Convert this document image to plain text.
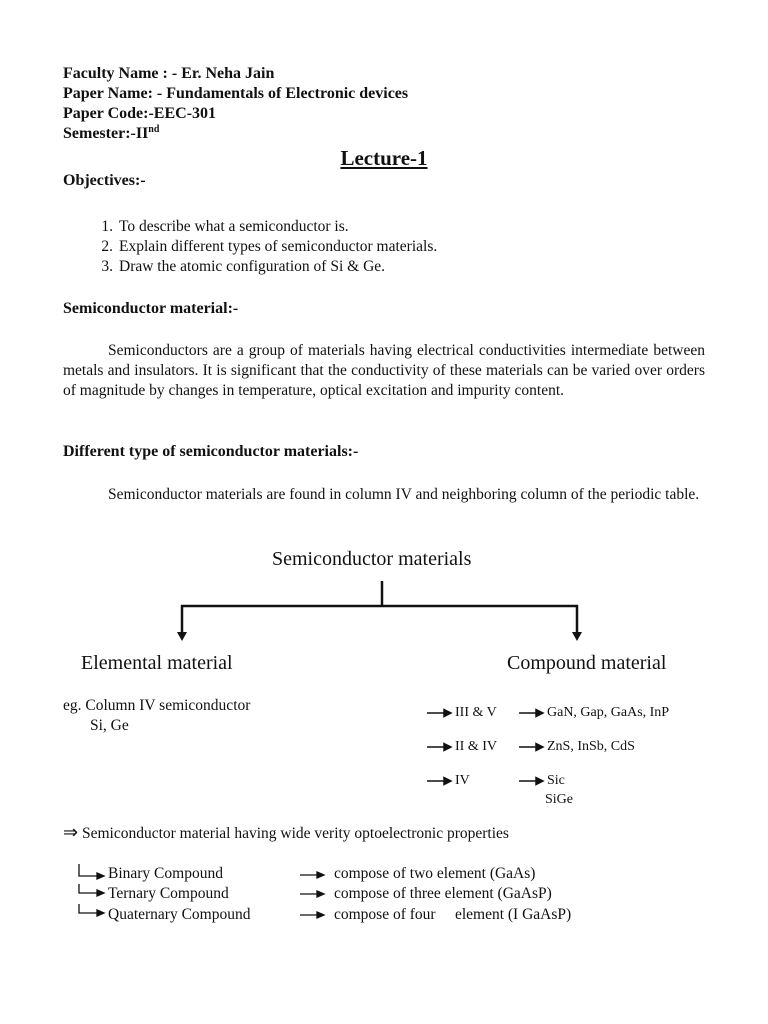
Faculty Name : - Er. Neha Jain
Paper Name: - Fundamentals of Electronic devices
Paper Code:-EEC-301
Semester:-IInd
Lecture-1
Objectives:-
1. To describe what a semiconductor is.
2. Explain different types of semiconductor materials.
3. Draw the atomic configuration of Si & Ge.
Semiconductor material:-
Semiconductors are a group of materials having electrical conductivities intermediate between metals and insulators. It is significant that the conductivity of these materials can be varied over orders of magnitude by changes in temperature, optical excitation and impurity content.
Different type of semiconductor materials:-
Semiconductor materials are found in column IV and neighboring column of the periodic table.
Semiconductor materials
Elemental material	Compound material
eg. Column IV semiconductor
Si, Ge
III & V	GaN, Gap, GaAs, InP
II & IV	ZnS, InSb, CdS
IV	Sic
SiGe
⇒ Semiconductor material having wide verity optoelectronic properties
Binary Compound	compose of two element (GaAs)
Ternary Compound	compose of three element (GaAsP)
Quaternary Compound	compose of four     element (I GaAsP)
